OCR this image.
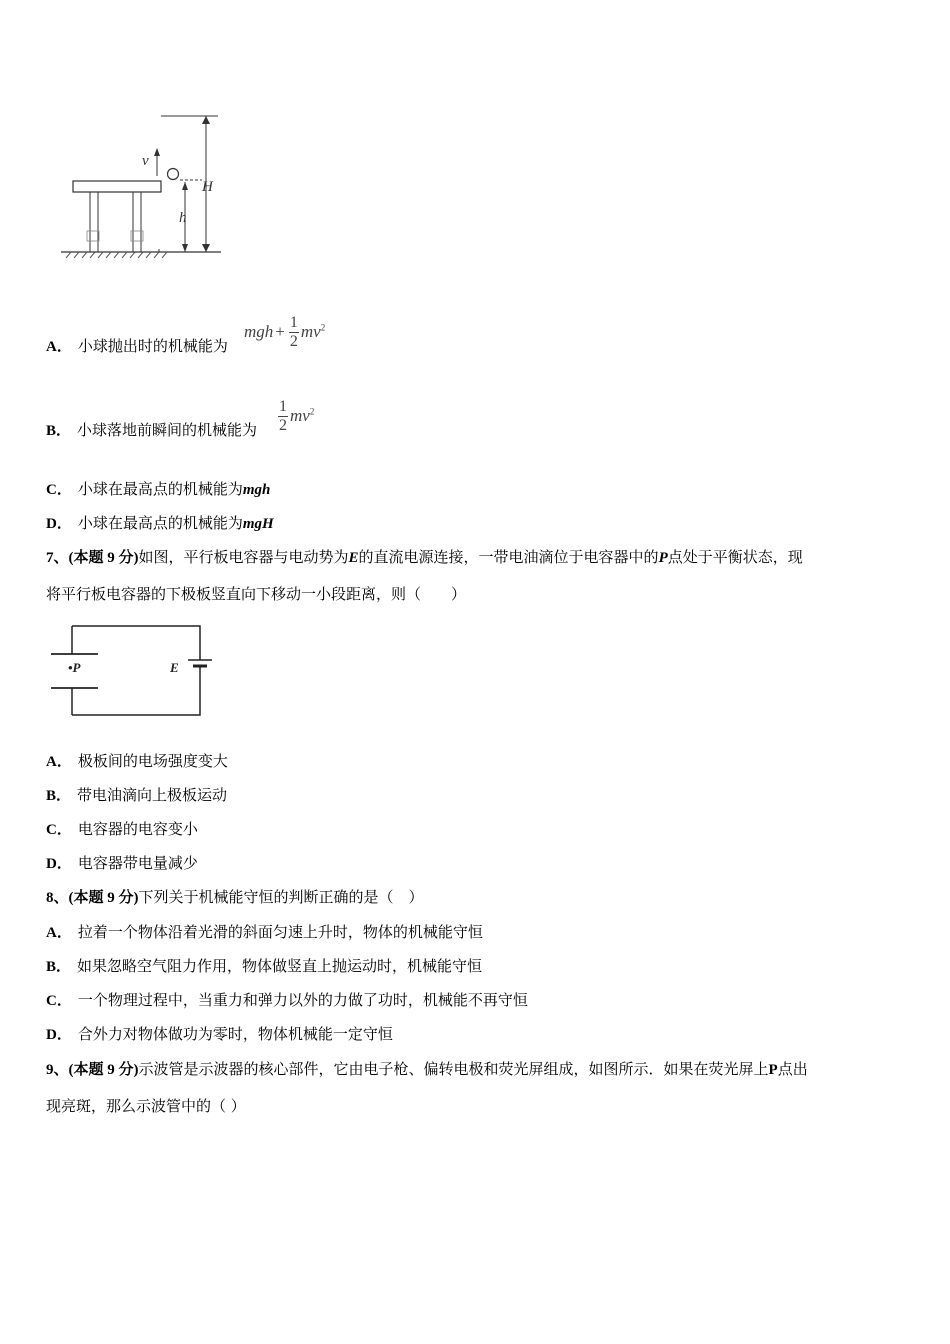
v
H
h
A． 小球抛出时的机械能为
mgh + $\frac{1}{2} mv^2$
B． 小球落地前瞬间的机械能为 $\frac{1}{2} mv^2$
C． 小球在最高点的机械能为mgh
D． 小球在最高点的机械能为mgH
7、(本题 9 分)如图，平行板电容器与电动势为E的直流电源连接，一带电油滴位于电容器中的P点处于平衡状态，现
将平行板电容器的下极板竖直向下移动一小段距离，则（　　）
•P	E
A． 极板间的电场强度变大
B． 带电油滴向上极板运动
C． 电容器的电容变小
D． 电容器带电量减少
8、(本题 9 分)下列关于机械能守恒的判断正确的是（　）
A． 拉着一个物体沿着光滑的斜面匀速上升时，物体的机械能守恒
B． 如果忽略空气阻力作用，物体做竖直上抛运动时，机械能守恒
C． 一个物理过程中，当重力和弹力以外的力做了功时，机械能不再守恒
D． 合外力对物体做功为零时，物体机械能一定守恒
9、(本题 9 分)示波管是示波器的核心部件，它由电子枪、偏转电极和荧光屏组成，如图所示．如果在荧光屏上P点出
现亮斑，那么示波管中的（ ）
